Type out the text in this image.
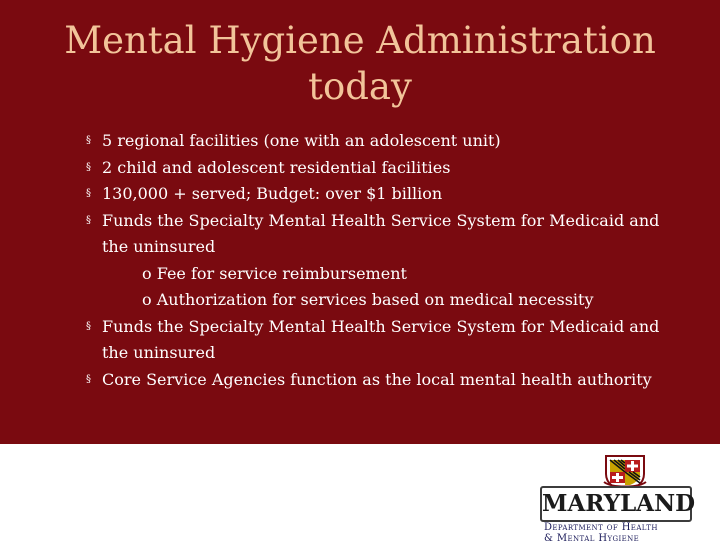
Mental Hygiene Administration today
§ 5 regional facilities (one with an adolescent unit)
§ 2 child and adolescent residential facilities
§ 130,000 + served; Budget: over $1 billion
§ Funds the Specialty Mental Health Service System for Medicaid and the uninsured
o Fee for service reimbursement
o Authorization for services based on medical necessity
§ Funds the Specialty Mental Health Service System for Medicaid and the uninsured
§ Core Service Agencies function as the local mental health authority
MARYLAND
Department of Health
& Mental Hygiene
